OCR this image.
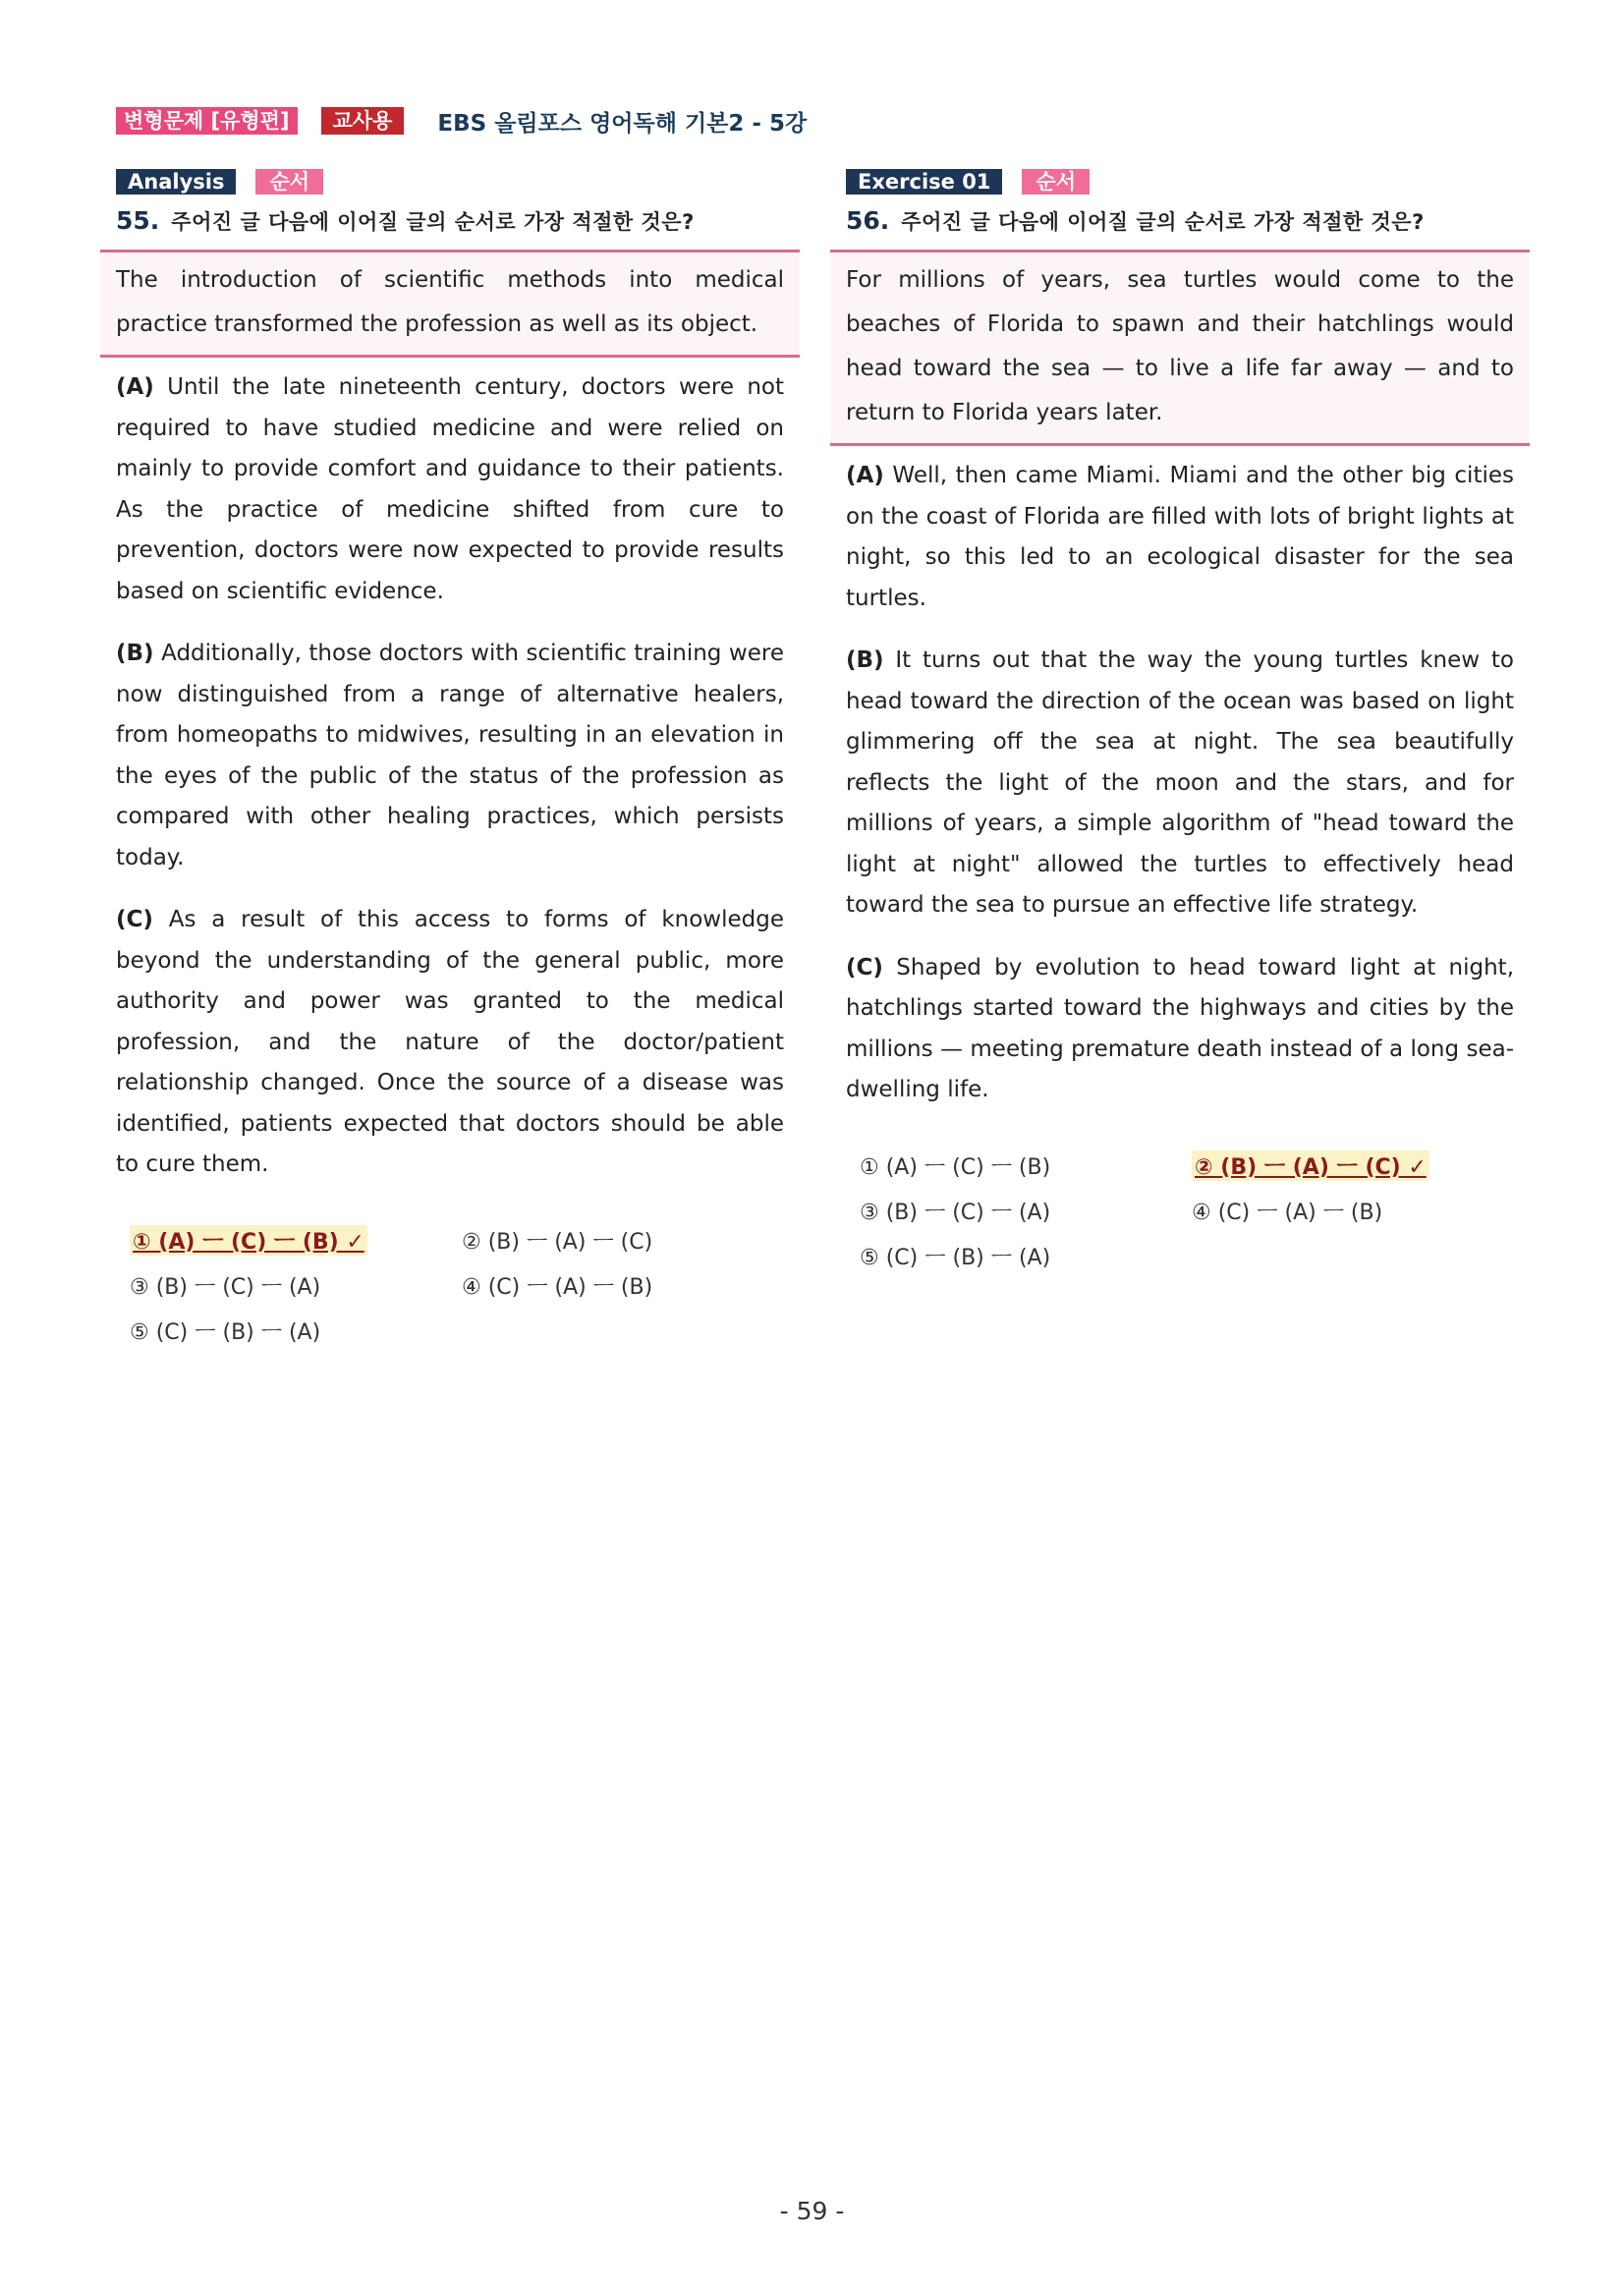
변형문제 [유형편]	교사용	EBS 올림포스 영어독해 기본2 - 5강
Analysis	순서
55. 주어진 글 다음에 이어질 글의 순서로 가장 적절한 것은?

The introduction of scientific methods into medical practice transformed the profession as well as its object.

(A) Until the late nineteenth century, doctors were not required to have studied medicine and were relied on mainly to provide comfort and guidance to their patients. As the practice of medicine shifted from cure to prevention, doctors were now expected to provide results based on scientific evidence.

(B) Additionally, those doctors with scientific training were now distinguished from a range of alternative healers, from homeopaths to midwives, resulting in an elevation in the eyes of the public of the status of the profession as compared with other healing practices, which persists today.

(C) As a result of this access to forms of knowledge beyond the understanding of the general public, more authority and power was granted to the medical profession, and the nature of the doctor/patient relationship changed. Once the source of a disease was identified, patients expected that doctors should be able to cure them.

① (A) ㅡ (C) ㅡ (B) ✓	② (B) ㅡ (A) ㅡ (C)
③ (B) ㅡ (C) ㅡ (A)	④ (C) ㅡ (A) ㅡ (B)
⑤ (C) ㅡ (B) ㅡ (A)
Exercise 01	순서
56. 주어진 글 다음에 이어질 글의 순서로 가장 적절한 것은?

For millions of years, sea turtles would come to the beaches of Florida to spawn and their hatchlings would head toward the sea — to live a life far away — and to return to Florida years later.

(A) Well, then came Miami. Miami and the other big cities on the coast of Florida are filled with lots of bright lights at night, so this led to an ecological disaster for the sea turtles.

(B) It turns out that the way the young turtles knew to head toward the direction of the ocean was based on light glimmering off the sea at night. The sea beautifully reflects the light of the moon and the stars, and for millions of years, a simple algorithm of "head toward the light at night" allowed the turtles to effectively head toward the sea to pursue an effective life strategy.

(C) Shaped by evolution to head toward light at night, hatchlings started toward the highways and cities by the millions — meeting premature death instead of a long sea-dwelling life.

① (A) ㅡ (C) ㅡ (B)	② (B) ㅡ (A) ㅡ (C) ✓
③ (B) ㅡ (C) ㅡ (A)	④ (C) ㅡ (A) ㅡ (B)
⑤ (C) ㅡ (B) ㅡ (A)
- 59 -
